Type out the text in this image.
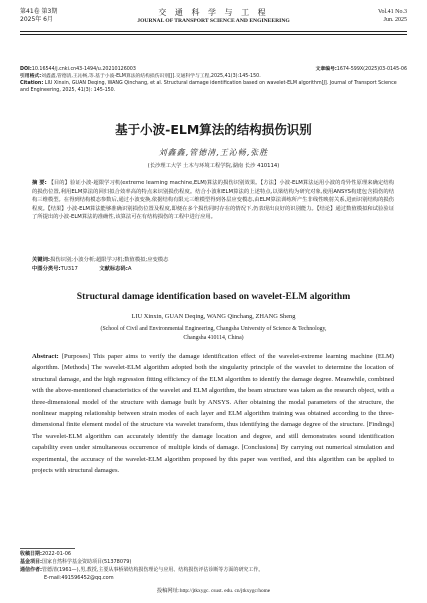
第41卷 第3期
2025年 6月
交 通 科 学 与 工 程
JOURNAL OF TRANSPORT SCIENCE AND ENGINEERING
Vol.41 No.3
Jun. 2025
DOI:10.16544/j.cnki.cn43-1494/u.20210126003	文章编号:1674-599X(2025)03-0145-06
引用格式:刘鑫鑫,管德清,王沁畅,等.基于小波-ELM算法的结构损伤识别[J].交通科学与工程,2025,41(3):145-150.
Citation: LIU Xinxin, GUAN Deqing, WANG Qinchang, et al. Structural damage identification based on wavelet-ELM algorithm[J]. Journal of Transport Science and Engineering, 2025, 41(3): 145-150.
基于小波-ELM算法的结构损伤识别
刘鑫鑫,管德清,王沁畅,张胜
(长沙理工大学 土木与环境工程学院,湖南 长沙 410114)
摘 要: 【目的】验证小波-超限学习机(extreme learning machine,ELM)算法的损伤识别效果。【方法】小波-ELM算法运用小波的奇异性原理来确定结构的损伤位置,利用ELM算法的回归拟合效率高的特点来识别损伤程度。结合小波和ELM算法的上述特点,以梁结构为研究对象,使用ANSYS构建包含损伤的结构三维模型。在得到结构模态参数后,通过小波变换,依据结构有限元三维模型得到各层应变模态,由ELM算法训练所产生非线性映射关系,进而识别结构的损伤程度。【结果】小波-ELM算法能够准确识别损伤位置及程度,即便在多个损伤同时存在的情况下,仍表现出良好的识别能力。【结论】通过数值模拟和试验验证了所提出的小波-ELM算法的准确性,该算法可在有结构损伤的工程中进行应用。
关键词:损伤识别;小波分析;超限学习机;数值模拟;应变模态
中图分类号:TU317	文献标志码:A
Structural damage identification based on wavelet-ELM algorithm
LIU Xinxin, GUAN Deqing, WANG Qinchang, ZHANG Sheng
(School of Civil and Environmental Engineering, Changsha University of Science & Technology,
Changsha 410114, China)
Abstract: [Purposes] This paper aims to verify the damage identification effect of the wavelet-extreme learning machine (ELM) algorithm. [Methods] The wavelet-ELM algorithm adopted both the singularity principle of the wavelet to determine the location of structural damage, and the high regression fitting efficiency of the ELM algorithm to identify the damage degree. Meanwhile, combined with the above-mentioned characteristics of the wavelet and ELM algorithm, the beam structure was taken as the research object, with a three-dimensional model of the structure with damage built by ANSYS. After obtaining the modal parameters of the structure, the nonlinear mapping relationship between strain modes of each layer and ELM algorithm training was obtained according to the three-dimensional finite element model of the structure via wavelet transform, thus identifying the damage degree of the structure. [Findings] The wavelet-ELM algorithm can accurately identify the damage location and degree, and still demonstrates sound identification capability even under simultaneous occurrence of multiple kinds of damage. [Conclusions] By carrying out numerical simulation and experimental, the accuracy of the wavelet-ELM algorithm proposed by this paper was verified, and this algorithm can be applied to projects with structural damages.
收稿日期:2022-01-06
基金项目:国家自然科学基金资助项目(51378079)
通信作者:管德清(1961—),男,教授,主要从事桥梁结构损伤理论与应用、结构损伤评估诊断等方面的研究工作。
E-mail:491596452@qq.com
投稿网址:http://jtkxygc. csust. edu. cn/jtkxygc/home
